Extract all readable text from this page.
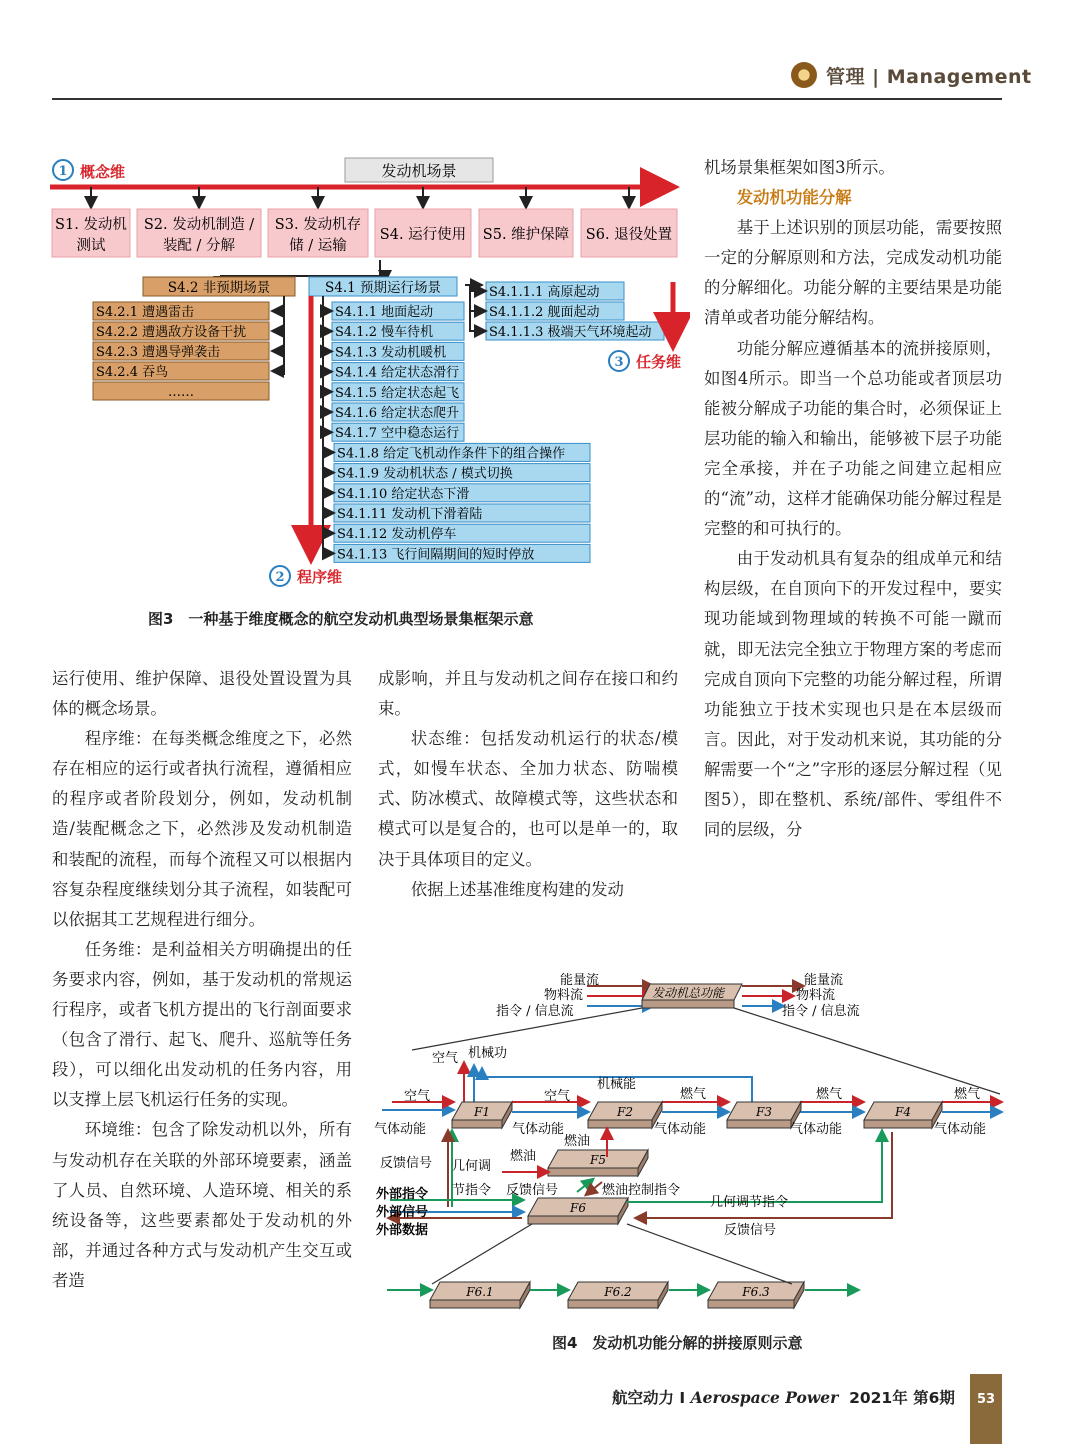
管理 | Management
发动机场景
1 概念维
S1. 发动机
测试
S2. 发动机制造 /
装配 / 分解
S3. 发动机存
储 / 运输
S4. 运行使用 S5. 维护保障 S6. 退役处置
S4.2 非预期场景
S4.2.1 遭遇雷击
S4.2.2 遭遇敌方设备干扰
S4.2.3 遭遇导弹袭击
S4.2.4 吞鸟
……
S4.1 预期运行场景
S4.1.1 地面起动
S4.1.2 慢车待机
S4.1.3 发动机暖机
S4.1.4 给定状态滑行
S4.1.5 给定状态起飞
S4.1.6 给定状态爬升
S4.1.7 空中稳态运行
S4.1.8 给定飞机动作条件下的组合操作
S4.1.9 发动机状态 / 模式切换
S4.1.10 给定状态下滑
S4.1.11 发动机下滑着陆
S4.1.12 发动机停车
S4.1.13 飞行间隔期间的短时停放
S4.1.1.1 高原起动
S4.1.1.2 舰面起动
S4.1.1.3 极端天气环境起动
3 任务维
2 程序维
图3　一种基于维度概念的航空发动机典型场景集框架示意

机场景集框架如图3所示。

发动机功能分解

基于上述识别的顶层功能，需要按照一定的分解原则和方法，完成发动机功能的分解细化。功能分解的主要结果是功能清单或者功能分解结构。

功能分解应遵循基本的流拼接原则，如图4所示。即当一个总功能或者顶层功能被分解成子功能的集合时，必须保证上层功能的输入和输出，能够被下层子功能完全承接，并在子功能之间建立起相应的“流”动，这样才能确保功能分解过程是完整的和可执行的。

由于发动机具有复杂的组成单元和结构层级，在自顶向下的开发过程中，要实现功能域到物理域的转换不可能一蹴而就，即无法完全独立于物理方案的考虑而完成自顶向下完整的功能分解过程，所谓功能独立于技术实现也只是在本层级而言。因此，对于发动机来说，其功能的分解需要一个“之”字形的逐层分解过程（见图5），即在整机、系统/部件、零组件不同的层级，分

运行使用、维护保障、退役处置设置为具体的概念场景。

程序维：在每类概念维度之下，必然存在相应的运行或者执行流程，遵循相应的程序或者阶段划分，例如，发动机制造/装配概念之下，必然涉及发动机制造和装配的流程，而每个流程又可以根据内容复杂程度继续划分其子流程，如装配可以依据其工艺规程进行细分。

任务维：是利益相关方明确提出的任务要求内容，例如，基于发动机的常规运行程序，或者飞机方提出的飞行剖面要求（包含了滑行、起飞、爬升、巡航等任务段），可以细化出发动机的任务内容，用以支撑上层飞机运行任务的实现。

环境维：包含了除发动机以外，所有与发动机存在关联的外部环境要素，涵盖了人员、自然环境、人造环境、相关的系统设备等，这些要素都处于发动机的外部，并通过各种方式与发动机产生交互或者造

成影响，并且与发动机之间存在接口和约束。

状态维：包括发动机运行的状态/模式，如慢车状态、全加力状态、防喘模式、防冰模式、故障模式等，这些状态和模式可以是复合的，也可以是单一的，取决于具体项目的定义。

依据上述基准维度构建的发动

发动机总功能
能量流
物料流
指令 / 信息流
能量流
物料流
指令 / 信息流
F1	F2	F3	F4
F5
F6
F6.1	F6.2	F6.3
空气 机械功
机械能
空气	空气	燃气	燃气	燃气
气体动能	气体动能	气体动能	气体动能	气体动能
燃油
燃油
反馈信号 几何调
节指令 反馈信号	燃油控制指令
几何调节指令
反馈信号
外部指令
外部信号
外部数据
图4　发动机功能分解的拼接原则示意
航空动力 I Aerospace Power 2021年 第6期	53
